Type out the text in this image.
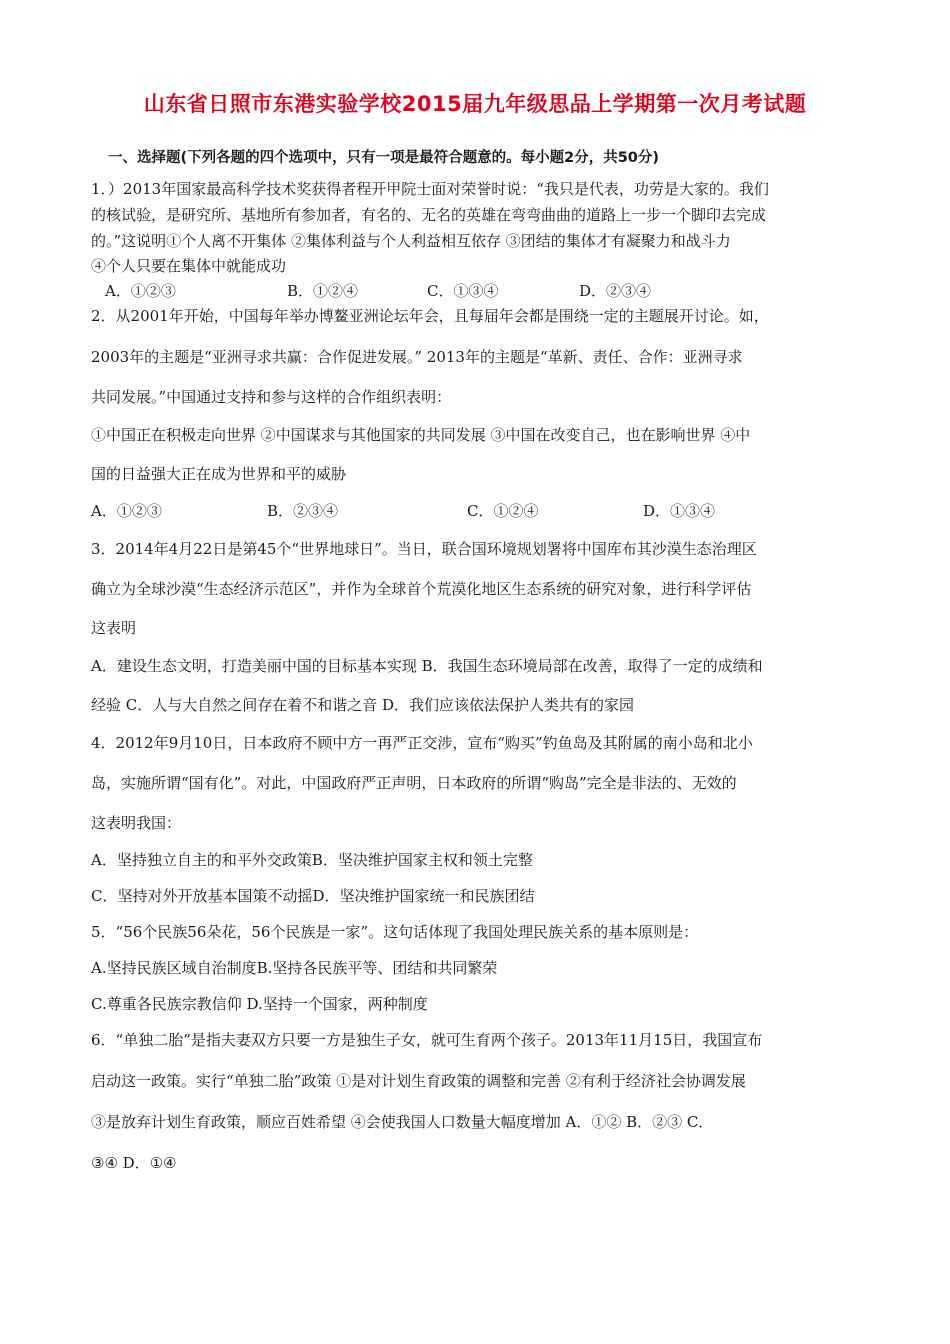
山东省日照市东港实验学校2015届九年级思品上学期第一次月考试题
一、选择题(下列各题的四个选项中，只有一项是最符合题意的。每小题2分，共50分)
1．）2013年国家最高科学技术奖获得者程开甲院士面对荣誉时说：“我只是代表，功劳是大家的。我们
的核试验，是研究所、基地所有参加者，有名的、无名的英雄在弯弯曲曲的道路上一步一个脚印去完成
的。”这说明①个人离不开集体 ②集体利益与个人利益相互依存 ③团结的集体才有凝聚力和战斗力
④个人只要在集体中就能成功
A．①②③	B．①②④	C．①③④	D．②③④
2．从2001年开始，中国每年举办博鳌亚洲论坛年会，且每届年会都是围绕一定的主题展开讨论。如，
2003年的主题是“亚洲寻求共赢：合作促进发展。” 2013年的主题是“革新、责任、合作：亚洲寻求
共同发展。”中国通过支持和参与这样的合作组织表明：
①中国正在积极走向世界 ②中国谋求与其他国家的共同发展 ③中国在改变自己，也在影响世界 ④中
国的日益强大正在成为世界和平的威胁
A．①②③	B．②③④	C．①②④	D．①③④
3．2014年4月22日是第45个“世界地球日”。当日，联合国环境规划署将中国库布其沙漠生态治理区
确立为全球沙漠“生态经济示范区”，并作为全球首个荒漠化地区生态系统的研究对象，进行科学评估
这表明
A．建设生态文明，打造美丽中国的目标基本实现 B．我国生态环境局部在改善，取得了一定的成绩和
经验 C．人与大自然之间存在着不和谐之音 D．我们应该依法保护人类共有的家园
4．2012年9月10日，日本政府不顾中方一再严正交涉，宣布“购买”钓鱼岛及其附属的南小岛和北小
岛，实施所谓“国有化”。对此，中国政府严正声明，日本政府的所谓“购岛”完全是非法的、无效的
这表明我国：
A．坚持独立自主的和平外交政策B．坚决维护国家主权和领土完整
C．坚持对外开放基本国策不动摇D．坚决维护国家统一和民族团结
5．“56个民族56朵花，56个民族是一家”。这句话体现了我国处理民族关系的基本原则是：
A.坚持民族区域自治制度B.坚持各民族平等、团结和共同繁荣
C.尊重各民族宗教信仰 D.坚持一个国家，两种制度
6．“单独二胎”是指夫妻双方只要一方是独生子女，就可生育两个孩子。2013年11月15日，我国宣布
启动这一政策。实行“单独二胎”政策 ①是对计划生育政策的调整和完善 ②有利于经济社会协调发展
③是放弃计划生育政策，顺应百姓希望 ④会使我国人口数量大幅度增加 A．①② B．②③ C．
③④ D．①④
